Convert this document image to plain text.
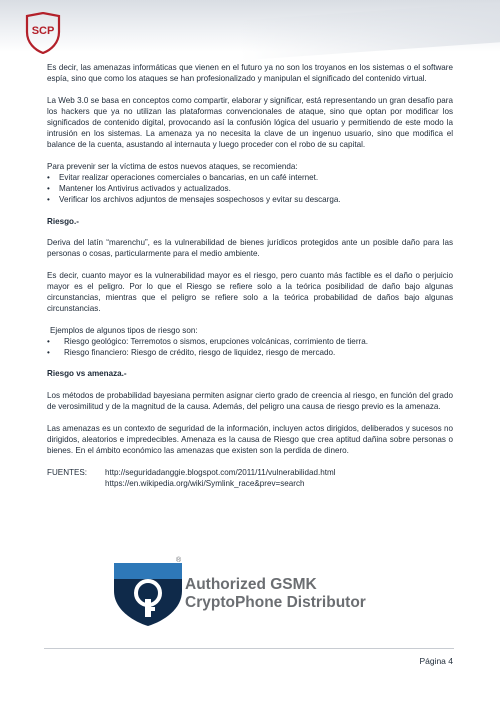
SCP

Es decir, las amenazas informáticas que vienen en el futuro ya no son los troyanos en los sistemas o el software espía, sino que como los ataques se han profesionalizado y manipulan el significado del contenido virtual.

La Web 3.0 se basa en conceptos como compartir, elaborar y significar, está representando un gran desafío para los hackers que ya no utilizan las plataformas convencionales de ataque, sino que optan por modificar los significados de contenido digital, provocando así la confusión lógica del usuario y permitiendo de este modo la intrusión en los sistemas. La amenaza ya no necesita la clave de un ingenuo usuario, sino que modifica el balance de la cuenta, asustando al internauta y luego proceder con el robo de su capital.

Para prevenir ser la víctima de estos nuevos ataques, se recomienda:

• Evitar realizar operaciones comerciales o bancarias, en un café internet.
• Mantener los Antivirus activados y actualizados.
• Verificar los archivos adjuntos de mensajes sospechosos y evitar su descarga.

Riesgo.-

Deriva del latín “marenchu”, es la vulnerabilidad de bienes jurídicos protegidos ante un posible daño para las personas o cosas, particularmente para el medio ambiente.

Es decir, cuanto mayor es la vulnerabilidad mayor es el riesgo, pero cuanto más factible es el daño o perjuicio mayor es el peligro. Por lo que el Riesgo se refiere solo a la teórica posibilidad de daño bajo algunas circunstancias, mientras que el peligro se refiere solo a la teórica probabilidad de daños bajo algunas circunstancias.

Ejemplos de algunos tipos de riesgo son:

• Riesgo geológico: Terremotos o sismos, erupciones volcánicas, corrimiento de tierra.
• Riesgo financiero: Riesgo de crédito, riesgo de liquidez, riesgo de mercado.

Riesgo vs amenaza.-

Los métodos de probabilidad bayesiana permiten asignar cierto grado de creencia al riesgo, en función del grado de verosimilitud y de la magnitud de la causa. Además, del peligro una causa de riesgo previo es la amenaza.

Las amenazas es un contexto de seguridad de la información, incluyen actos dirigidos, deliberados y sucesos no dirigidos, aleatorios e impredecibles. Amenaza es la causa de Riesgo que crea aptitud dañina sobre personas o bienes. En el ámbito económico las amenazas que existen son la perdida de dinero.

FUENTES:	http://seguridadanggie.blogspot.com/2011/11/vulnerabilidad.html
https://en.wikipedia.org/wiki/Symlink_race&prev=search
®
Authorized GSMK
CryptoPhone Distributor
Página 4
